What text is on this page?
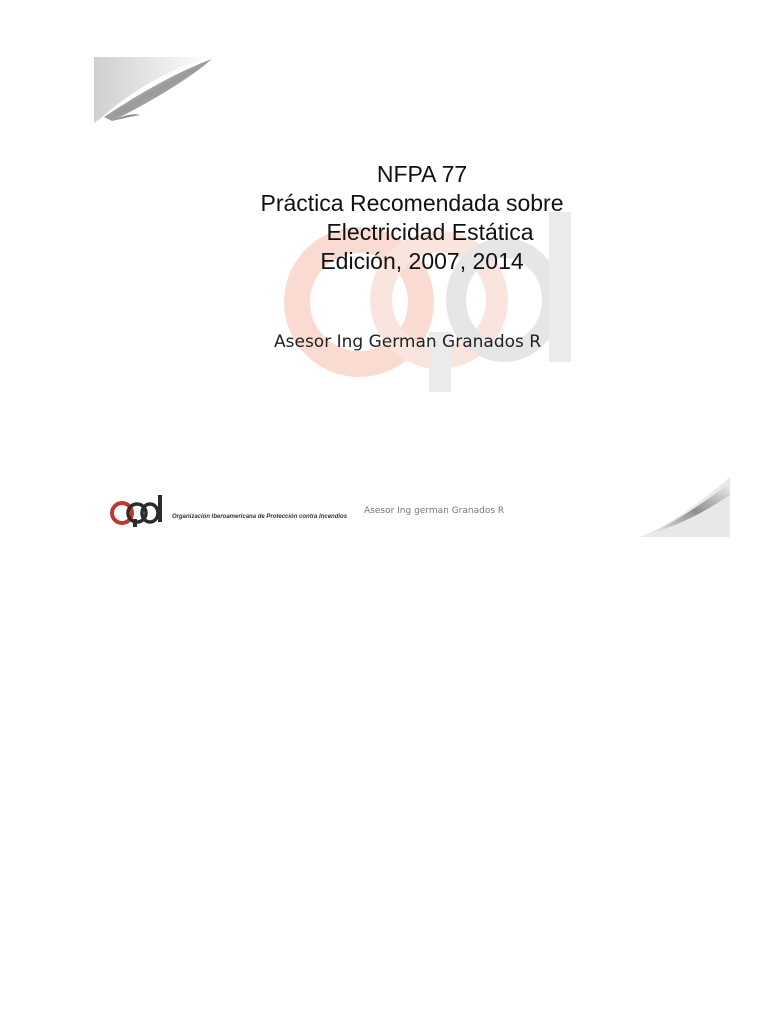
NFPA 77
Práctica Recomendada sobre
Electricidad Estática
Edición, 2007, 2014
Asesor Ing German Granados R
Organización Iberoamericana de Protección contra Incendios
Asesor Ing german Granados R
